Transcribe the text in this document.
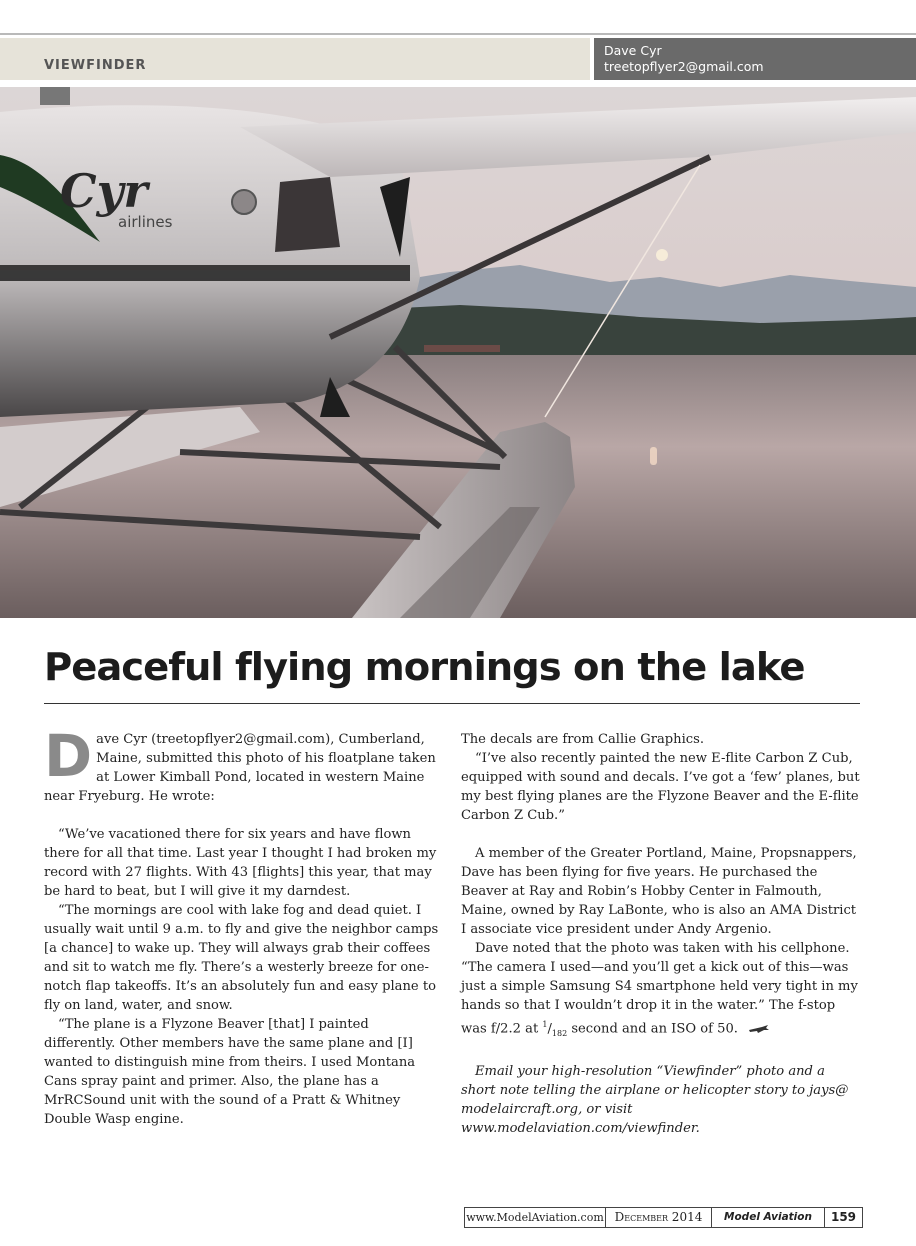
VIEWFINDER
Dave Cyr
treetopflyer2@gmail.com
Cyr
airlines
Peaceful flying mornings on the lake

Dave Cyr (treetopflyer2@gmail.com), Cumberland, Maine, submitted this photo of his floatplane taken at Lower Kimball Pond, located in western Maine near Fryeburg. He wrote:

“We’ve vacationed there for six years and have flown there for all that time. Last year I thought I had broken my record with 27 flights. With 43 [flights] this year, that may be hard to beat, but I will give it my darndest.

“The mornings are cool with lake fog and dead quiet. I usually wait until 9 a.m. to fly and give the neighbor camps [a chance] to wake up. They will always grab their coffees and sit to watch me fly. There’s a westerly breeze for one-notch flap takeoffs. It’s an absolutely fun and easy plane to fly on land, water, and snow.

“The plane is a Flyzone Beaver [that] I painted differently. Other members have the same plane and [I] wanted to distinguish mine from theirs. I used Montana Cans spray paint and primer. Also, the plane has a MrRCSound unit with the sound of a Pratt & Whitney Double Wasp engine.

The decals are from Callie Graphics.

“I’ve also recently painted the new E-flite Carbon Z Cub, equipped with sound and decals. I’ve got a ‘few’ planes, but my best flying planes are the Flyzone Beaver and the E-flite Carbon Z Cub.”

A member of the Greater Portland, Maine, Propsnappers, Dave has been flying for five years. He purchased the Beaver at Ray and Robin’s Hobby Center in Falmouth, Maine, owned by Ray LaBonte, who is also an AMA District I associate vice president under Andy Argenio.

Dave noted that the photo was taken with his cellphone. “The camera I used—and you’ll get a kick out of this—was just a simple Samsung S4 smartphone held very tight in my hands so that I wouldn’t drop it in the water.” The f-stop was f/2.2 at $^1/_{182}$ second and an ISO of 50.

Email your high-resolution “Viewfinder” photo and a short note telling the airplane or helicopter story to jays@ modelaircraft.org, or visit www.modelaviation.com/viewfinder.

www.ModelAviation.com December 2014	Model Aviation	159
